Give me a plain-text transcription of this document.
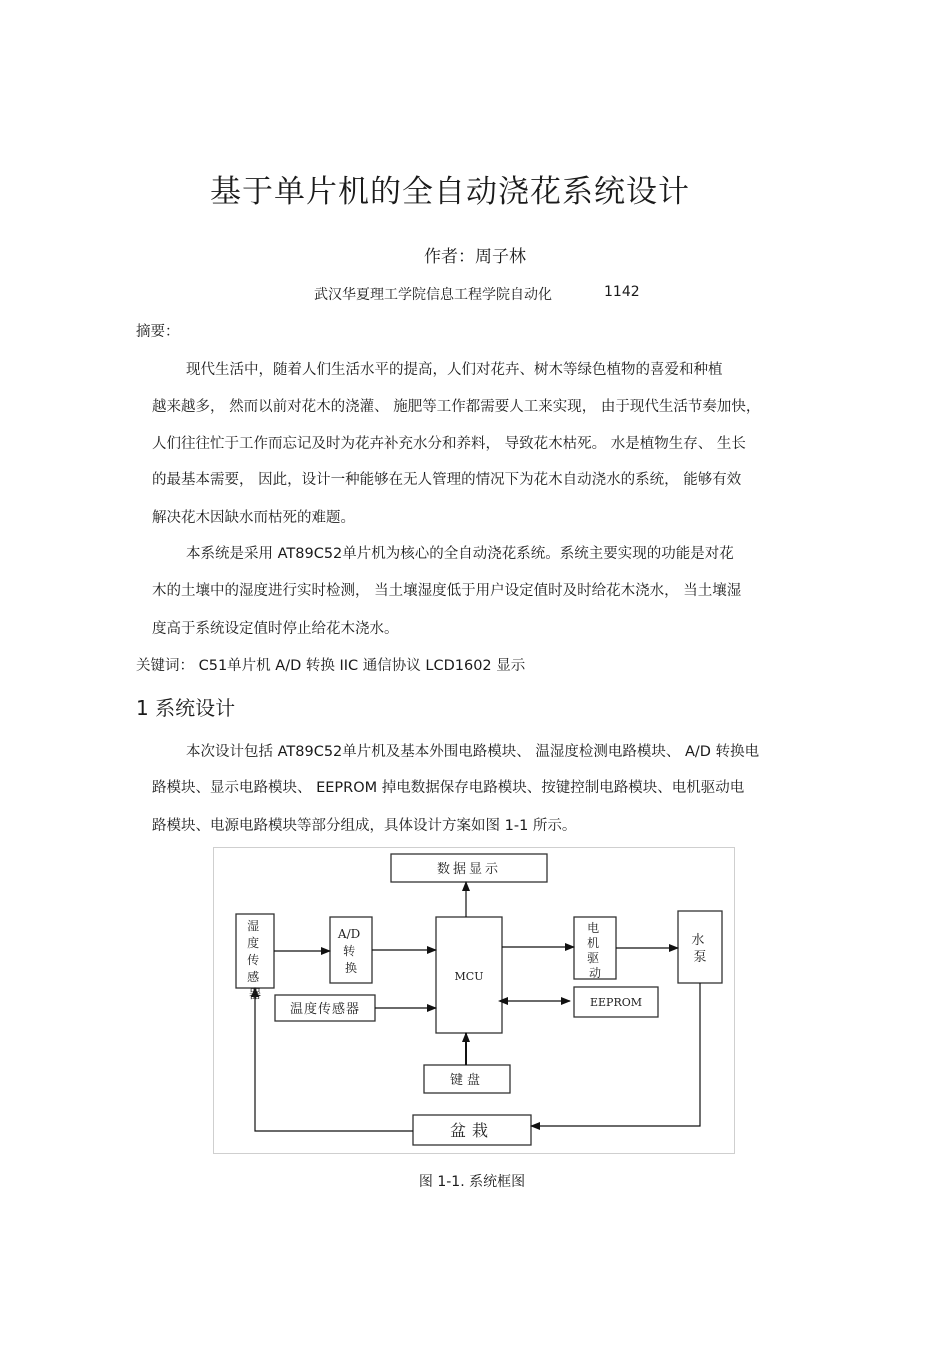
基于单片机的全自动浇花系统设计
作者：周子林
武汉华夏理工学院信息工程学院自动化	1142
摘要：
现代生活中，随着人们生活水平的提高，人们对花卉、树木等绿色植物的喜爱和种植
越来越多， 然而以前对花木的浇灌、 施肥等工作都需要人工来实现， 由于现代生活节奏加快，
人们往往忙于工作而忘记及时为花卉补充水分和养料， 导致花木枯死。 水是植物生存、 生长
的最基本需要， 因此，设计一种能够在无人管理的情况下为花木自动浇水的系统， 能够有效
解决花木因缺水而枯死的难题。
本系统是采用 AT89C52单片机为核心的全自动浇花系统。系统主要实现的功能是对花
木的土壤中的湿度进行实时检测， 当土壤湿度低于用户设定值时及时给花木浇水， 当土壤湿
度高于系统设定值时停止给花木浇水。
关键词： C51单片机 A/D 转换 IIC 通信协议 LCD1602 显示
1 系统设计
本次设计包括 AT89C52单片机及基本外围电路模块、 温湿度检测电路模块、 A/D 转换电
路模块、显示电路模块、 EEPROM 掉电数据保存电路模块、按键控制电路模块、电机驱动电
路模块、电源电路模块等部分组成，具体设计方案如图 1-1 所示。
数据显示
湿 度 传 感 器
A/D 转 换
MCU
电 机 驱 动
水 泵
温度传感器	EEPROM
键盘
盆栽
图 1-1. 系统框图
